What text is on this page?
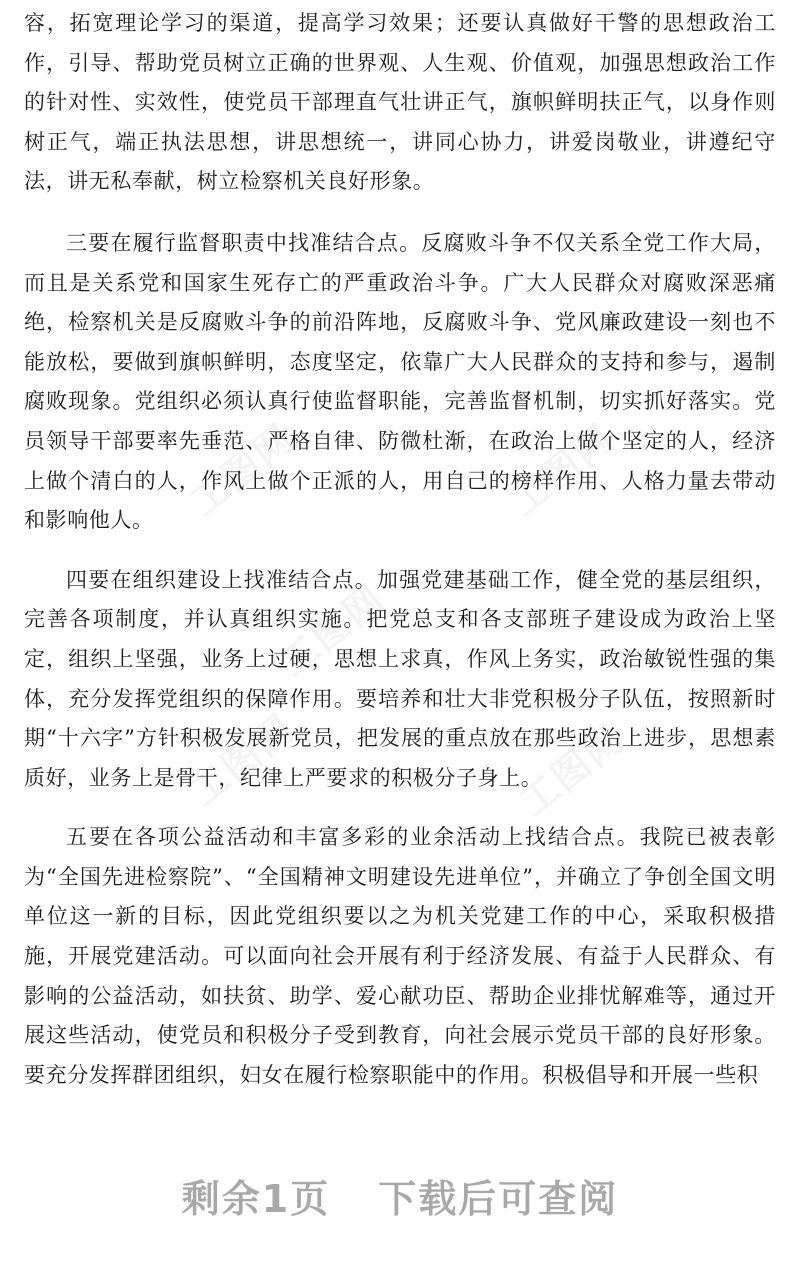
工图网	工图网
工图网
工图网	工图网

容，拓宽理论学习的渠道，提高学习效果；还要认真做好干警的思想政治工作，引导、帮助党员树立正确的世界观、人生观、价值观，加强思想政治工作的针对性、实效性，使党员干部理直气壮讲正气，旗帜鲜明扶正气，以身作则树正气，端正执法思想，讲思想统一，讲同心协力，讲爱岗敬业，讲遵纪守法，讲无私奉献，树立检察机关良好形象。

三要在履行监督职责中找准结合点。反腐败斗争不仅关系全党工作大局，而且是关系党和国家生死存亡的严重政治斗争。广大人民群众对腐败深恶痛绝，检察机关是反腐败斗争的前沿阵地，反腐败斗争、党风廉政建设一刻也不能放松，要做到旗帜鲜明，态度坚定，依靠广大人民群众的支持和参与，遏制腐败现象。党组织必须认真行使监督职能，完善监督机制，切实抓好落实。党员领导干部要率先垂范、严格自律、防微杜渐，在政治上做个坚定的人，经济上做个清白的人，作风上做个正派的人，用自己的榜样作用、人格力量去带动和影响他人。

四要在组织建设上找准结合点。加强党建基础工作，健全党的基层组织，完善各项制度，并认真组织实施。把党总支和各支部班子建设成为政治上坚定，组织上坚强，业务上过硬，思想上求真，作风上务实，政治敏锐性强的集体，充分发挥党组织的保障作用。要培养和壮大非党积极分子队伍，按照新时期“十六字”方针积极发展新党员，把发展的重点放在那些政治上进步，思想素质好，业务上是骨干，纪律上严要求的积极分子身上。

五要在各项公益活动和丰富多彩的业余活动上找结合点。我院已被表彰为“全国先进检察院”、“全国精神文明建设先进单位”，并确立了争创全国文明单位这一新的目标，因此党组织要以之为机关党建工作的中心，采取积极措施，开展党建活动。可以面向社会开展有利于经济发展、有益于人民群众、有影响的公益活动，如扶贫、助学、爱心献功臣、帮助企业排忧解难等，通过开展这些活动，使党员和积极分子受到教育，向社会展示党员干部的良好形象。要充分发挥群团组织，妇女在履行检察职能中的作用。积极倡导和开展一些积

剩余1页 下载后可查阅
